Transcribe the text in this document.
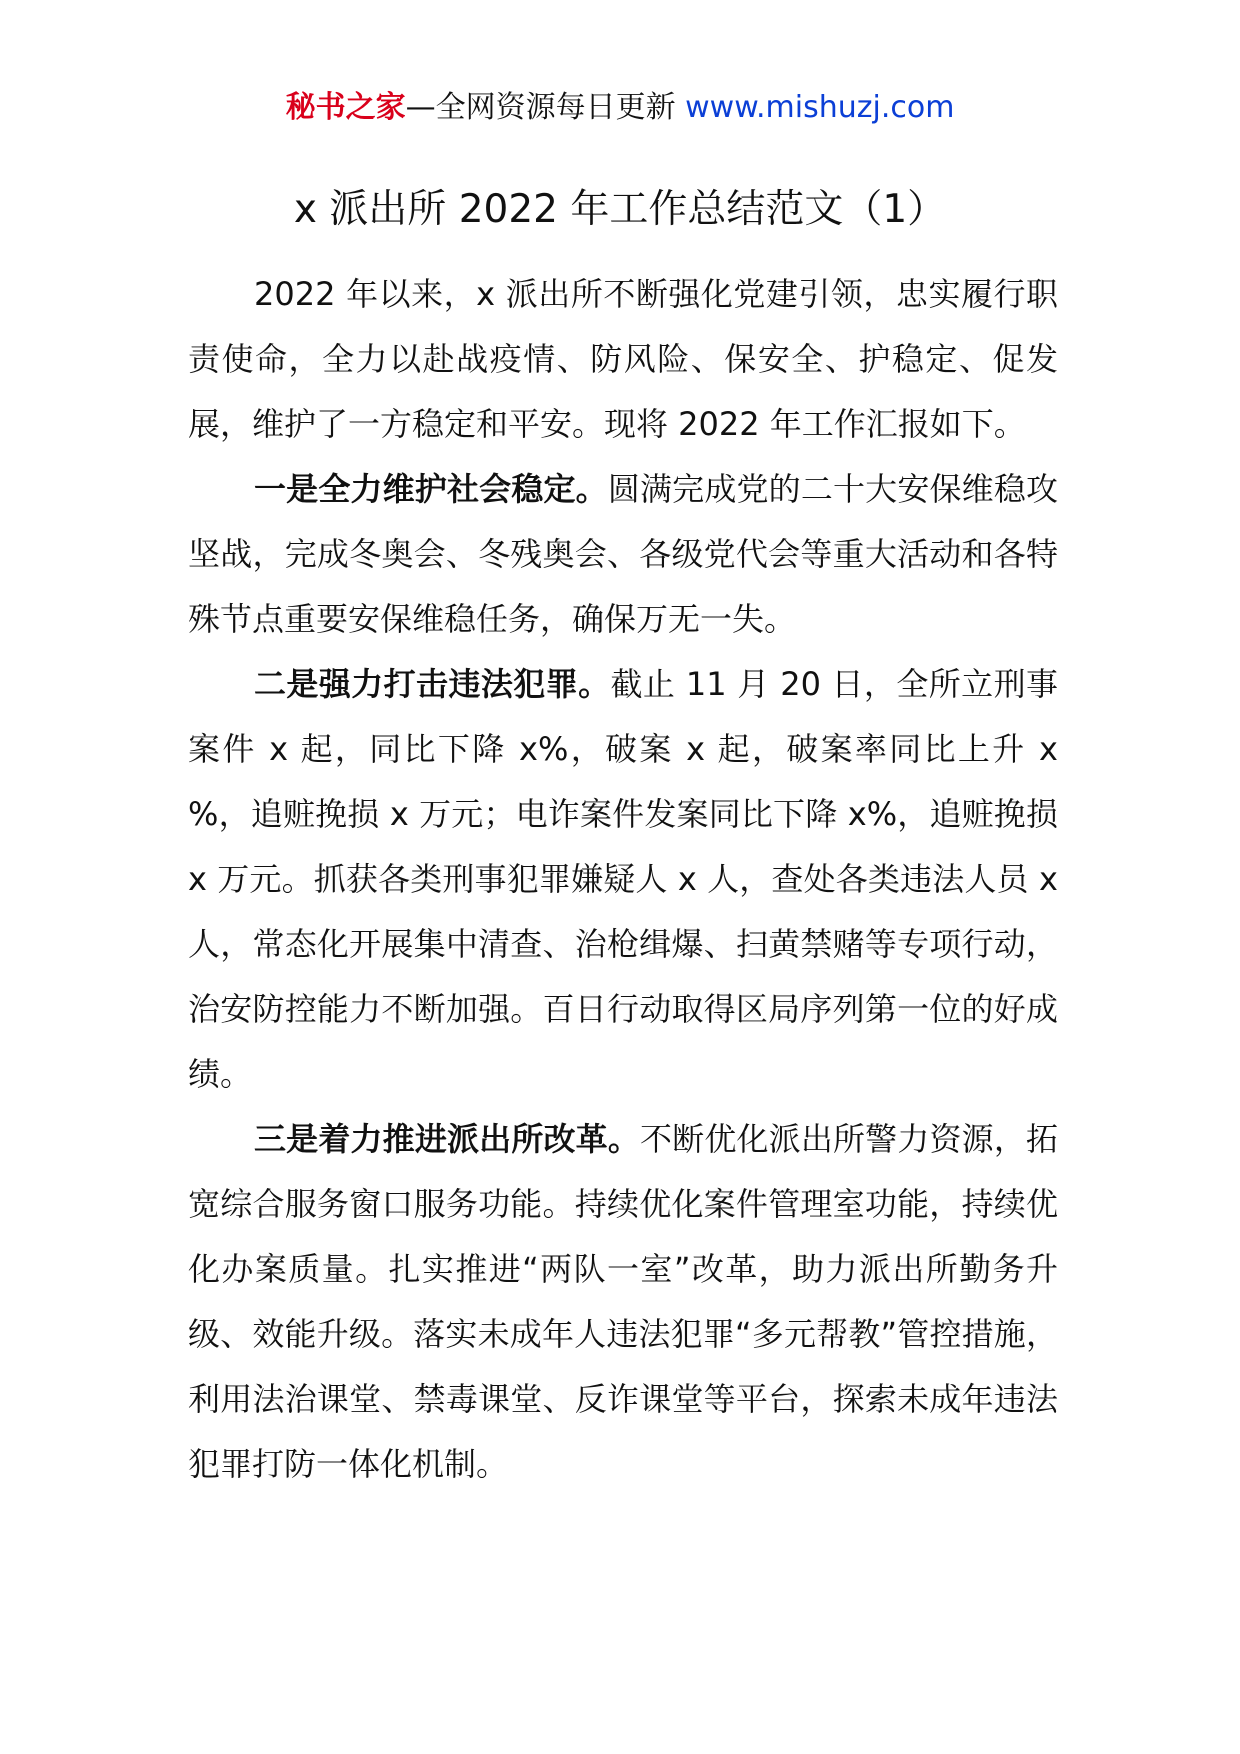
秘书之家—全网资源每日更新 www.mishuzj.com
x 派出所 2022 年工作总结范文（1）

2022 年以来，x 派出所不断强化党建引领，忠实履行职责使命，全力以赴战疫情、防风险、保安全、护稳定、促发展，维护了一方稳定和平安。现将 2022 年工作汇报如下。

一是全力维护社会稳定。圆满完成党的二十大安保维稳攻坚战，完成冬奥会、冬残奥会、各级党代会等重大活动和各特殊节点重要安保维稳任务，确保万无一失。

二是强力打击违法犯罪。截止 11 月 20 日，全所立刑事案件 x 起，同比下降 x%，破案 x 起，破案率同比上升 x %，追赃挽损 x 万元；电诈案件发案同比下降 x%，追赃挽损 x 万元。抓获各类刑事犯罪嫌疑人 x 人，查处各类违法人员 x 人，常态化开展集中清查、治枪缉爆、扫黄禁赌等专项行动，治安防控能力不断加强。百日行动取得区局序列第一位的好成绩。

三是着力推进派出所改革。不断优化派出所警力资源，拓宽综合服务窗口服务功能。持续优化案件管理室功能，持续优化办案质量。扎实推进“两队一室”改革，助力派出所勤务升级、效能升级。落实未成年人违法犯罪“多元帮教”管控措施，利用法治课堂、禁毒课堂、反诈课堂等平台，探索未成年违法犯罪打防一体化机制。
